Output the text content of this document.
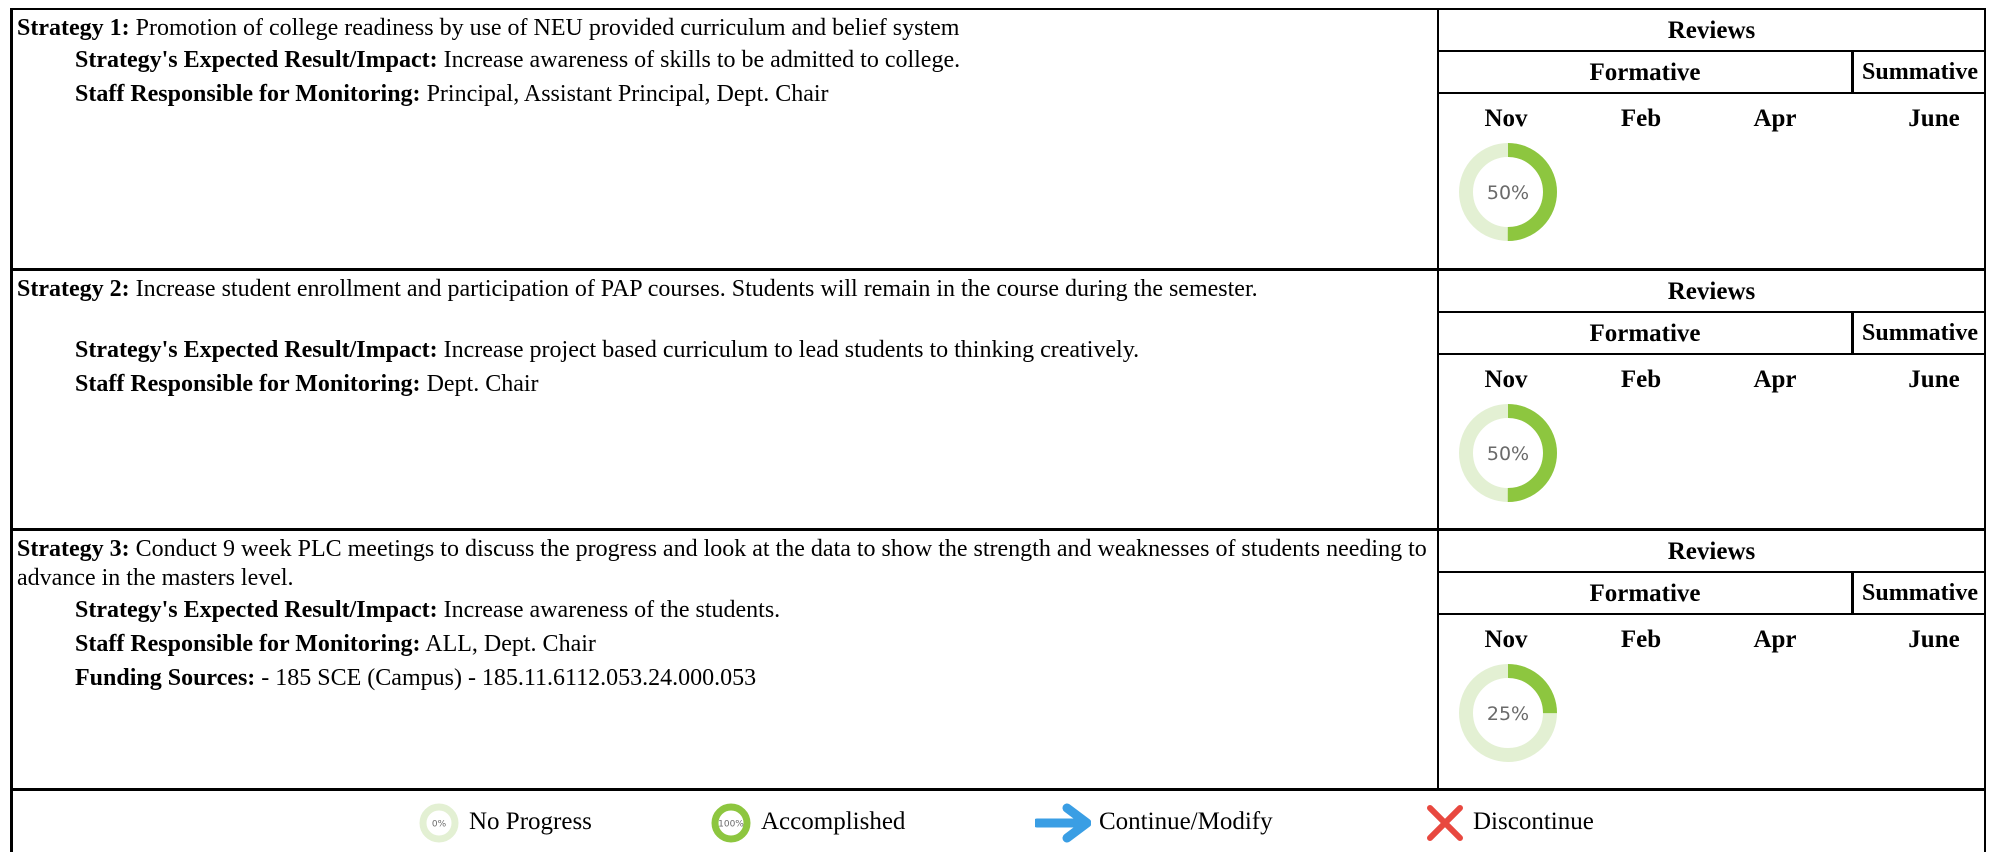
Strategy 1: Promotion of college readiness by use of NEU provided curriculum and belief system

Strategy's Expected Result/Impact: Increase awareness of skills to be admitted to college.

Staff Responsible for Monitoring: Principal, Assistant Principal, Dept. Chair

Reviews
Formative	Summative
Nov	Feb	Apr	June
50%

Strategy 2: Increase student enrollment and participation of PAP courses. Students will remain in the course during the semester.

Strategy's Expected Result/Impact: Increase project based curriculum to lead students to thinking creatively.

Staff Responsible for Monitoring: Dept. Chair

Reviews
Formative	Summative
Nov	Feb	Apr	June
50%

Strategy 3: Conduct 9 week PLC meetings to discuss the progress and look at the data to show the strength and weaknesses of students needing to advance in the masters level.

Strategy's Expected Result/Impact: Increase awareness of the students.

Staff Responsible for Monitoring: ALL, Dept. Chair

Funding Sources: - 185 SCE (Campus) - 185.11.6112.053.24.000.053

Reviews
Formative	Summative
Nov	Feb	Apr	June
25%
0% No Progress	100% Accomplished	Continue/Modify	Discontinue
